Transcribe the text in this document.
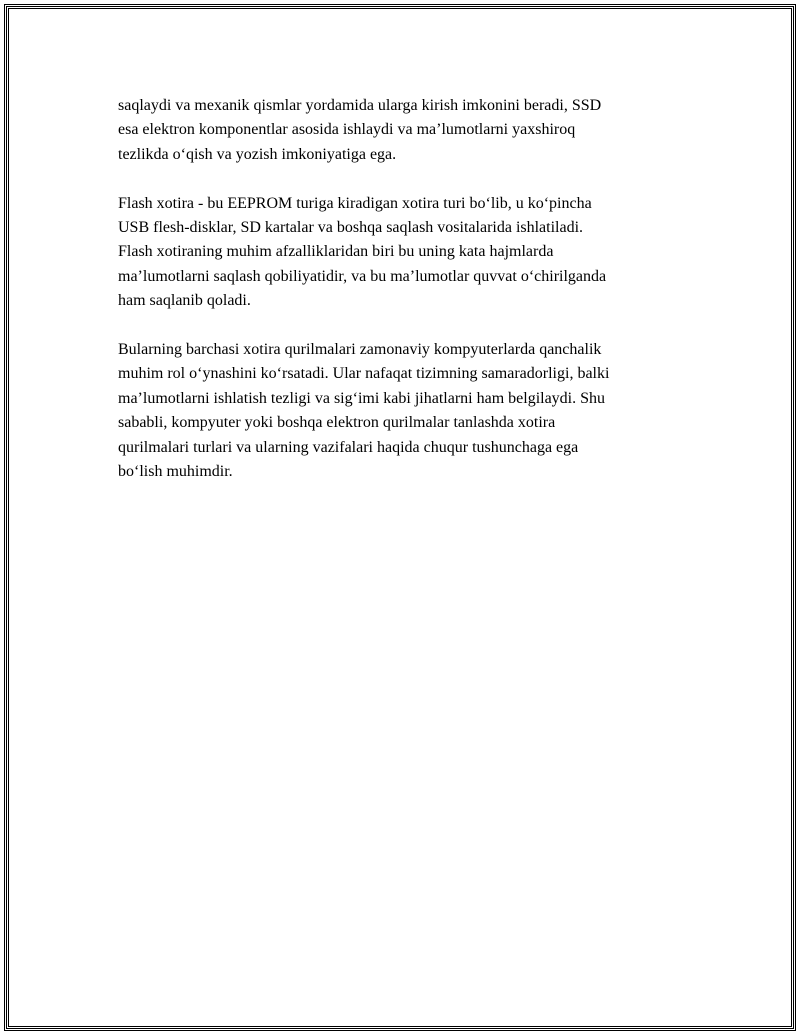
saqlaydi va mexanik qismlar yordamida ularga kirish imkonini beradi, SSD
esa elektron komponentlar asosida ishlaydi va ma’lumotlarni yaxshiroq
tezlikda oʻqish va yozish imkoniyatiga ega.

Flash xotira - bu EEPROM turiga kiradigan xotira turi boʻlib, u koʻpincha
USB flesh-disklar, SD kartalar va boshqa saqlash vositalarida ishlatiladi.
Flash xotiraning muhim afzalliklaridan biri bu uning kata hajmlarda
ma’lumotlarni saqlash qobiliyatidir, va bu ma’lumotlar quvvat oʻchirilganda
ham saqlanib qoladi.

Bularning barchasi xotira qurilmalari zamonaviy kompyuterlarda qanchalik
muhim rol oʻynashini koʻrsatadi. Ular nafaqat tizimning samaradorligi, balki
ma’lumotlarni ishlatish tezligi va sigʻimi kabi jihatlarni ham belgilaydi. Shu
sababli, kompyuter yoki boshqa elektron qurilmalar tanlashda xotira
qurilmalari turlari va ularning vazifalari haqida chuqur tushunchaga ega
boʻlish muhimdir.
